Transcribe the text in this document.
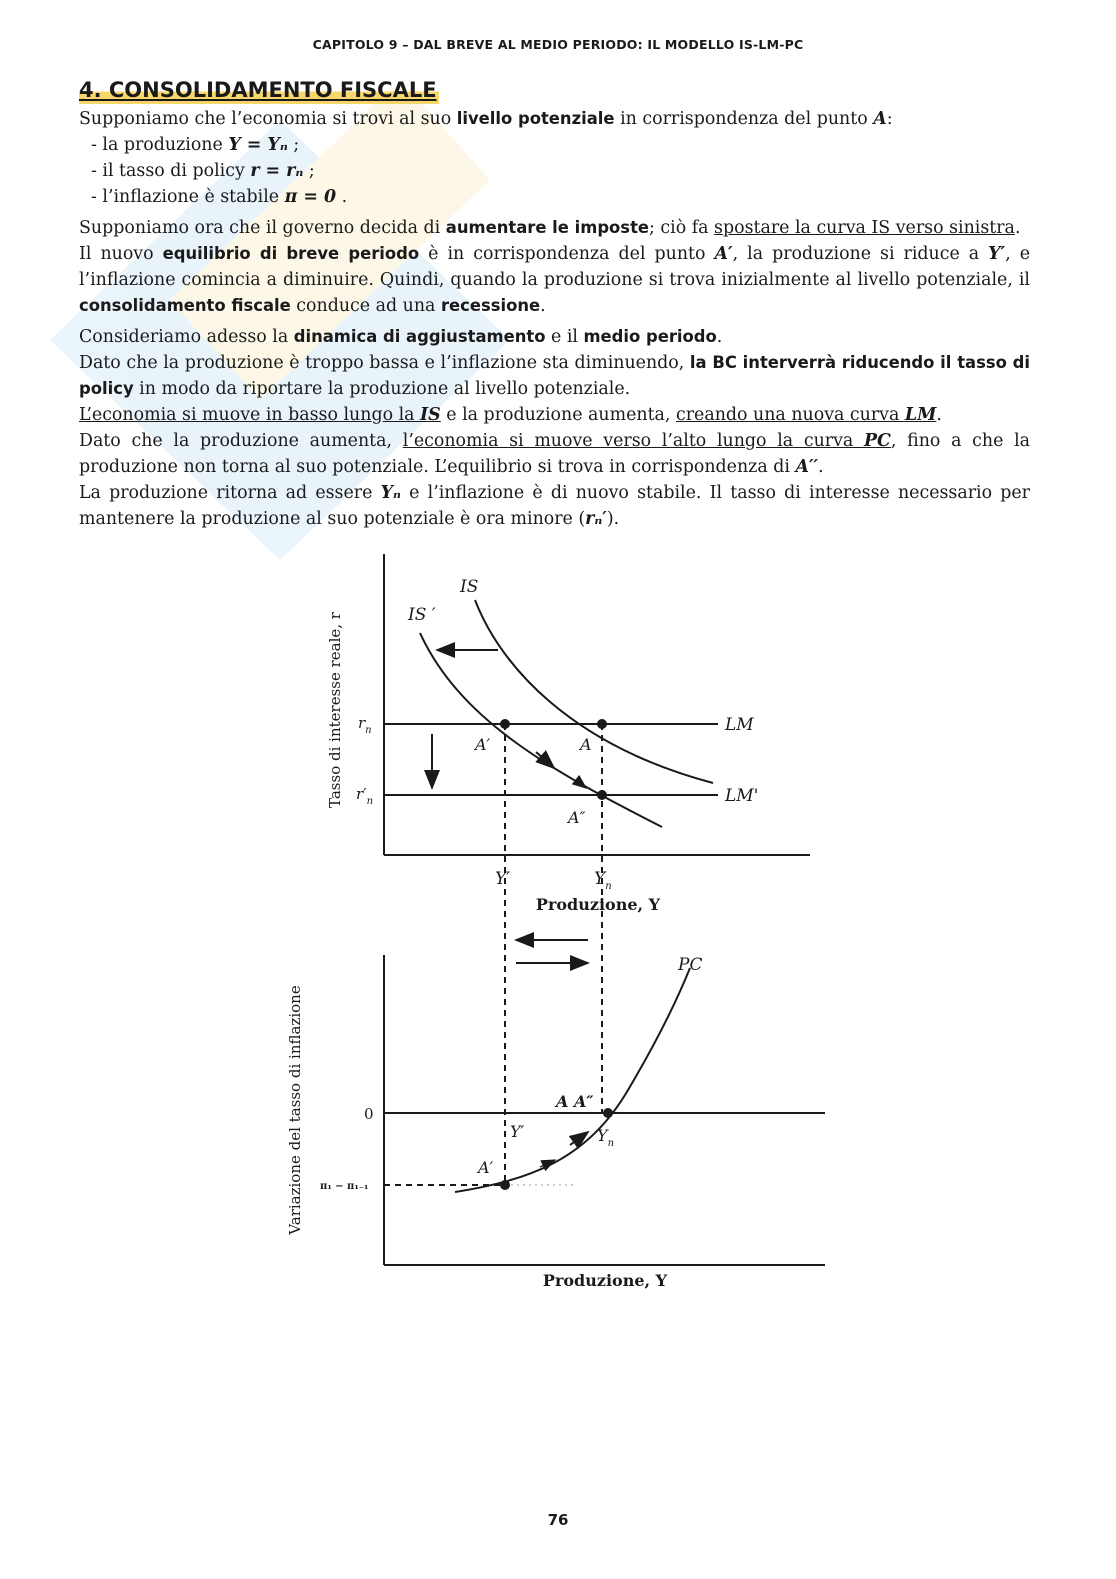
CAPITOLO 9 – DAL BREVE AL MEDIO PERIODO: IL MODELLO IS-LM-PC
4. CONSOLIDAMENTO FISCALE

Supponiamo che l’economia si trovi al suo livello potenziale in corrispondenza del punto A:

- la produzione Y = Yₙ ;
- il tasso di policy r = rₙ ;
- l’inflazione è stabile π = 0 .

Supponiamo ora che il governo decida di aumentare le imposte; ciò fa spostare la curva IS verso sinistra.

Il nuovo equilibrio di breve periodo è in corrispondenza del punto A′, la produzione si riduce a Y′, e l’inflazione comincia a diminuire. Quindi, quando la produzione si trova inizialmente al livello potenziale, il consolidamento fiscale conduce ad una recessione.

Consideriamo adesso la dinamica di aggiustamento e il medio periodo.

Dato che la produzione è troppo bassa e l’inflazione sta diminuendo, la BC interverrà riducendo il tasso di policy in modo da riportare la produzione al livello potenziale.

L’economia si muove in basso lungo la IS e la produzione aumenta, creando una nuova curva LM.

Dato che la produzione aumenta, l’economia si muove verso l’alto lungo la curva PC, fino a che la produzione non torna al suo potenziale. L’equilibrio si trova in corrispondenza di A′′.

La produzione ritorna ad essere Yₙ e l’inflazione è di nuovo stabile. Il tasso di interesse necessario per mantenere la produzione al suo potenziale è ora minore (rₙ′).

Tasso di interesse reale, r
IS
IS ′
LM
LM'
$r_n$
$r'_n$
A′	A
A″
Y′	$Y_n$
Produzione, Y
Variazione del tasso di inflazione	0
PC
π₁ − π₁₋₁
A′
A A″
Y′	$Y_n$
Produzione, Y
76
